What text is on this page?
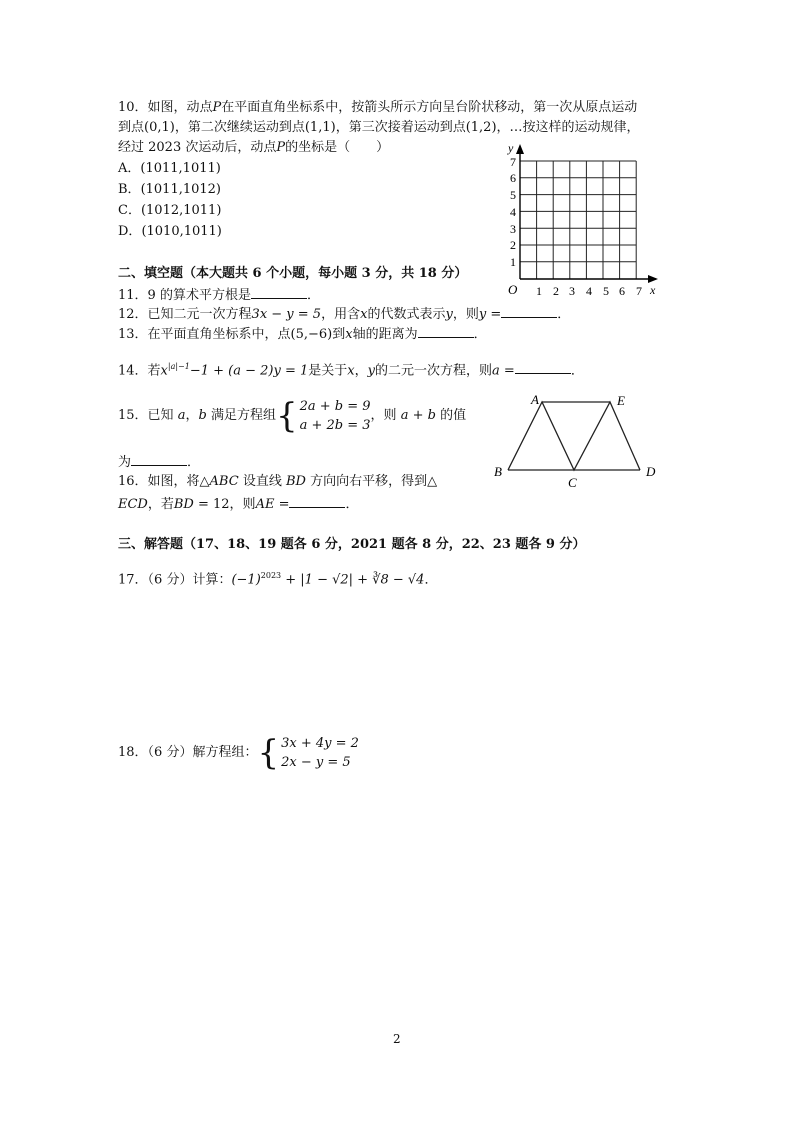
10．如图，动点P在平面直角坐标系中，按箭头所示方向呈台阶状移动，第一次从原点运动
到点(0,1)，第二次继续运动到点(1,1)，第三次接着运动到点(1,2)，…按这样的运动规律，
经过 2023 次运动后，动点P的坐标是（　　）
A．(1011,1011)
B．(1011,1012)
C．(1012,1011)
D．(1010,1011)
y
x
O
1
2
3
4
5
6
7
1 2 3 4 5 6 7
二、填空题（本大题共 6 个小题，每小题 3 分，共 18 分）
11．9 的算术平方根是	．
12．已知二元一次方程3x − y = 5，用含x的代数式表示y，则y =	．
13．在平面直角坐标系中，点(5,−6)到x轴的距离为	．
14．若$x^{|a|-1}-1 + (a - 2)y = 1$是关于x，y的二元一次方程，则a =	．
15．已知 a，b 满足方程组 { 2a + b = 9
a + 2b = 3
，则 a + b 的值
为	．
16．如图，将△ABC 设直线 BD 方向向右平移，得到△
ECD，若BD = 12，则AE =	．
A	E
B
C
D
三、解答题（17、18、19 题各 6 分，2021 题各 8 分，22、23 题各 9 分）
17．（6 分）计算：$(-1)^{2023} + |1 - √2|$ + ∛8 − √4．
18．（6 分）解方程组： { 3x + 4y = 2
2x − y = 5
2
